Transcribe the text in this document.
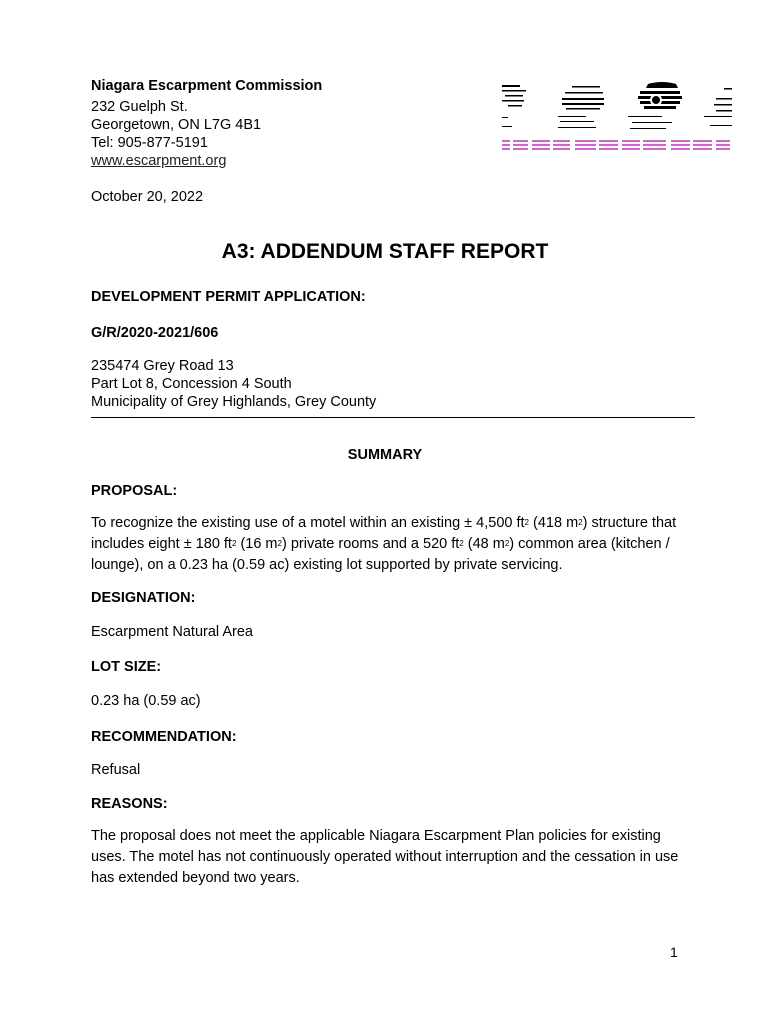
Niagara Escarpment Commission
232 Guelph St.
Georgetown, ON L7G 4B1
Tel: 905-877-5191
www.escarpment.org
October 20, 2022
A3: ADDENDUM STAFF REPORT
DEVELOPMENT PERMIT APPLICATION:
G/R/2020-2021/606
235474 Grey Road 13
Part Lot 8, Concession 4 South
Municipality of Grey Highlands, Grey County
SUMMARY
PROPOSAL:
To recognize the existing use of a motel within an existing ± 4,500 $ft^2$ (418 $m^2$) structure that includes eight ± 180 $ft^2$ (16 $m^2$) private rooms and a 520 $ft^2$ (48 $m^2$) common area (kitchen / lounge), on a 0.23 ha (0.59 ac) existing lot supported by private servicing.
DESIGNATION:
Escarpment Natural Area
LOT SIZE:
0.23 ha (0.59 ac)
RECOMMENDATION:
Refusal
REASONS:
The proposal does not meet the applicable Niagara Escarpment Plan policies for existing uses. The motel has not continuously operated without interruption and the cessation in use has extended beyond two years.
1
